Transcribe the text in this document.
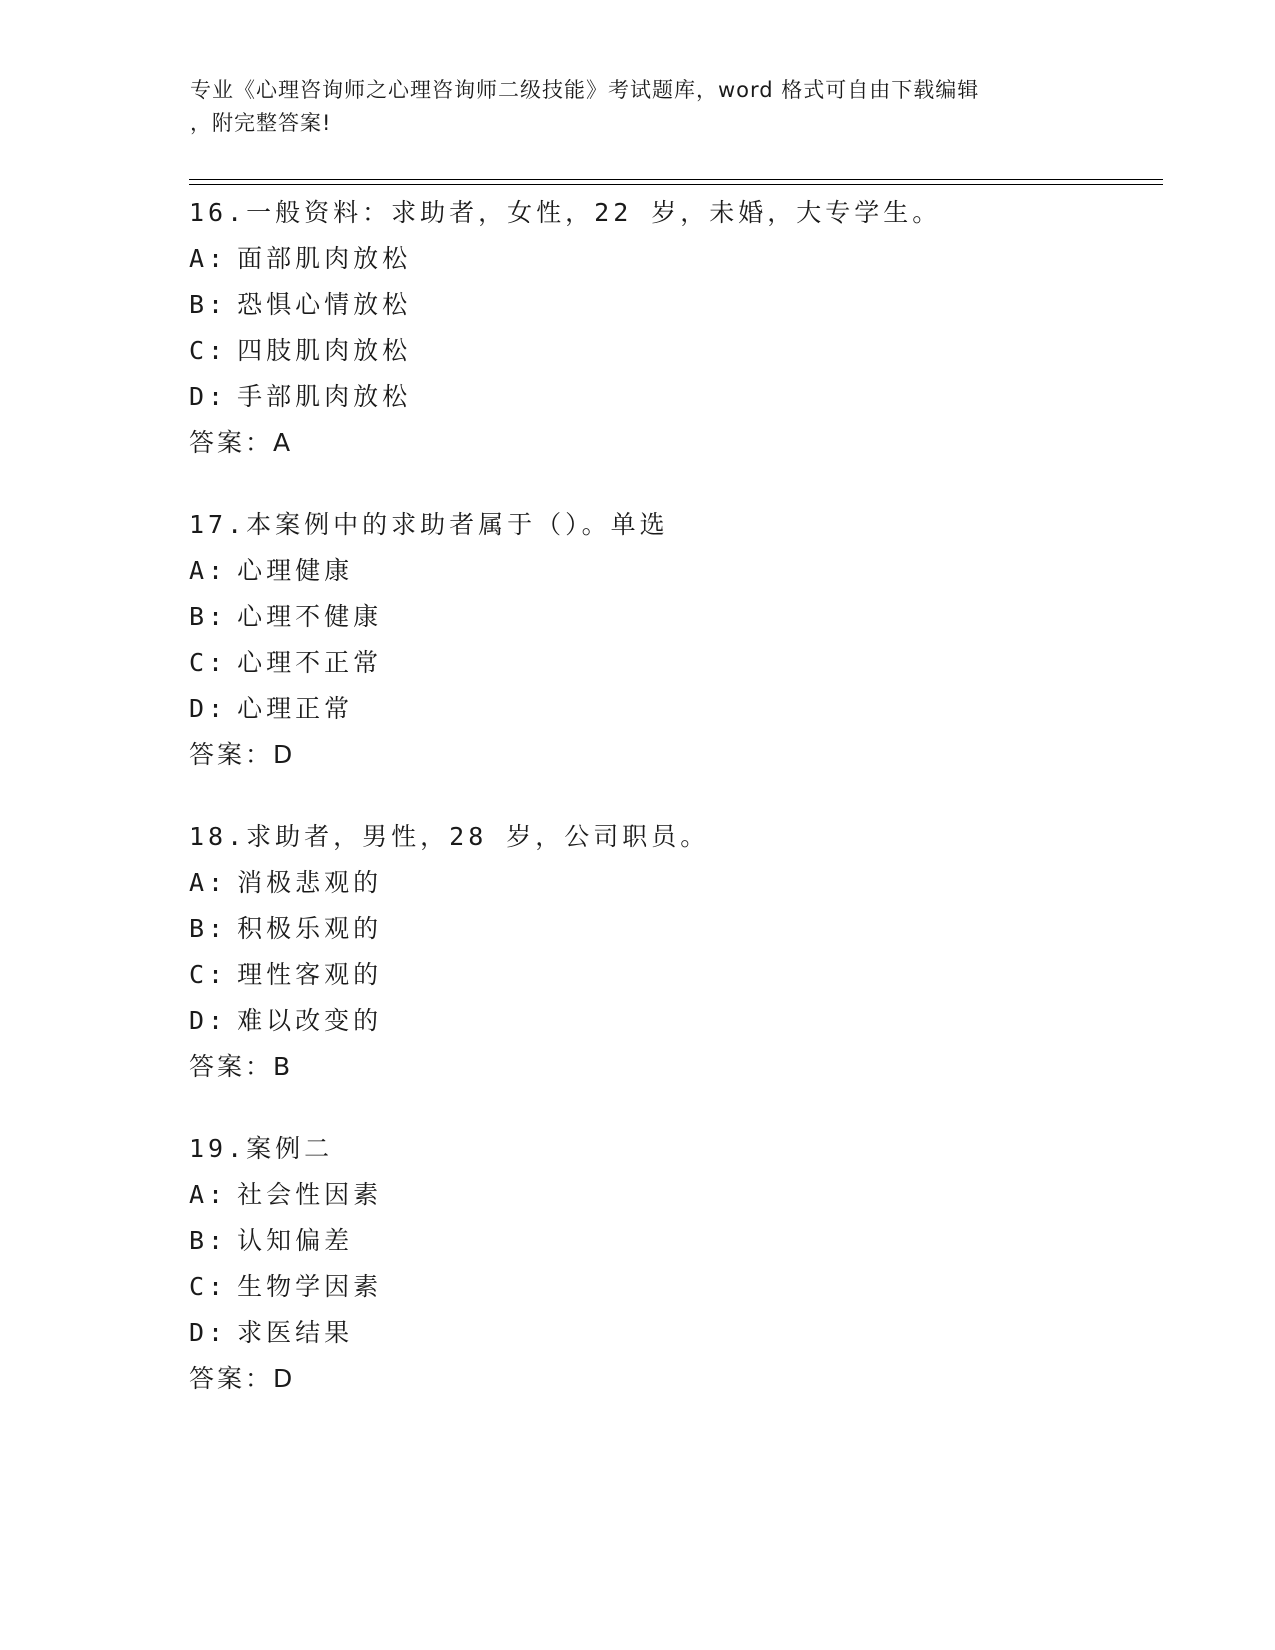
专业《心理咨询师之心理咨询师二级技能》考试题库，word 格式可自由下载编辑
，附完整答案!
16.一般资料：求助者，女性，22 岁，未婚，大专学生。
A: 面部肌肉放松
B: 恐惧心情放松
C: 四肢肌肉放松
D: 手部肌肉放松
答案：A
17.本案例中的求助者属于（）。单选
A: 心理健康
B: 心理不健康
C: 心理不正常
D: 心理正常
答案：D
18.求助者，男性，28 岁，公司职员。
A: 消极悲观的
B: 积极乐观的
C: 理性客观的
D: 难以改变的
答案：B
19.案例二
A: 社会性因素
B: 认知偏差
C: 生物学因素
D: 求医结果
答案：D
